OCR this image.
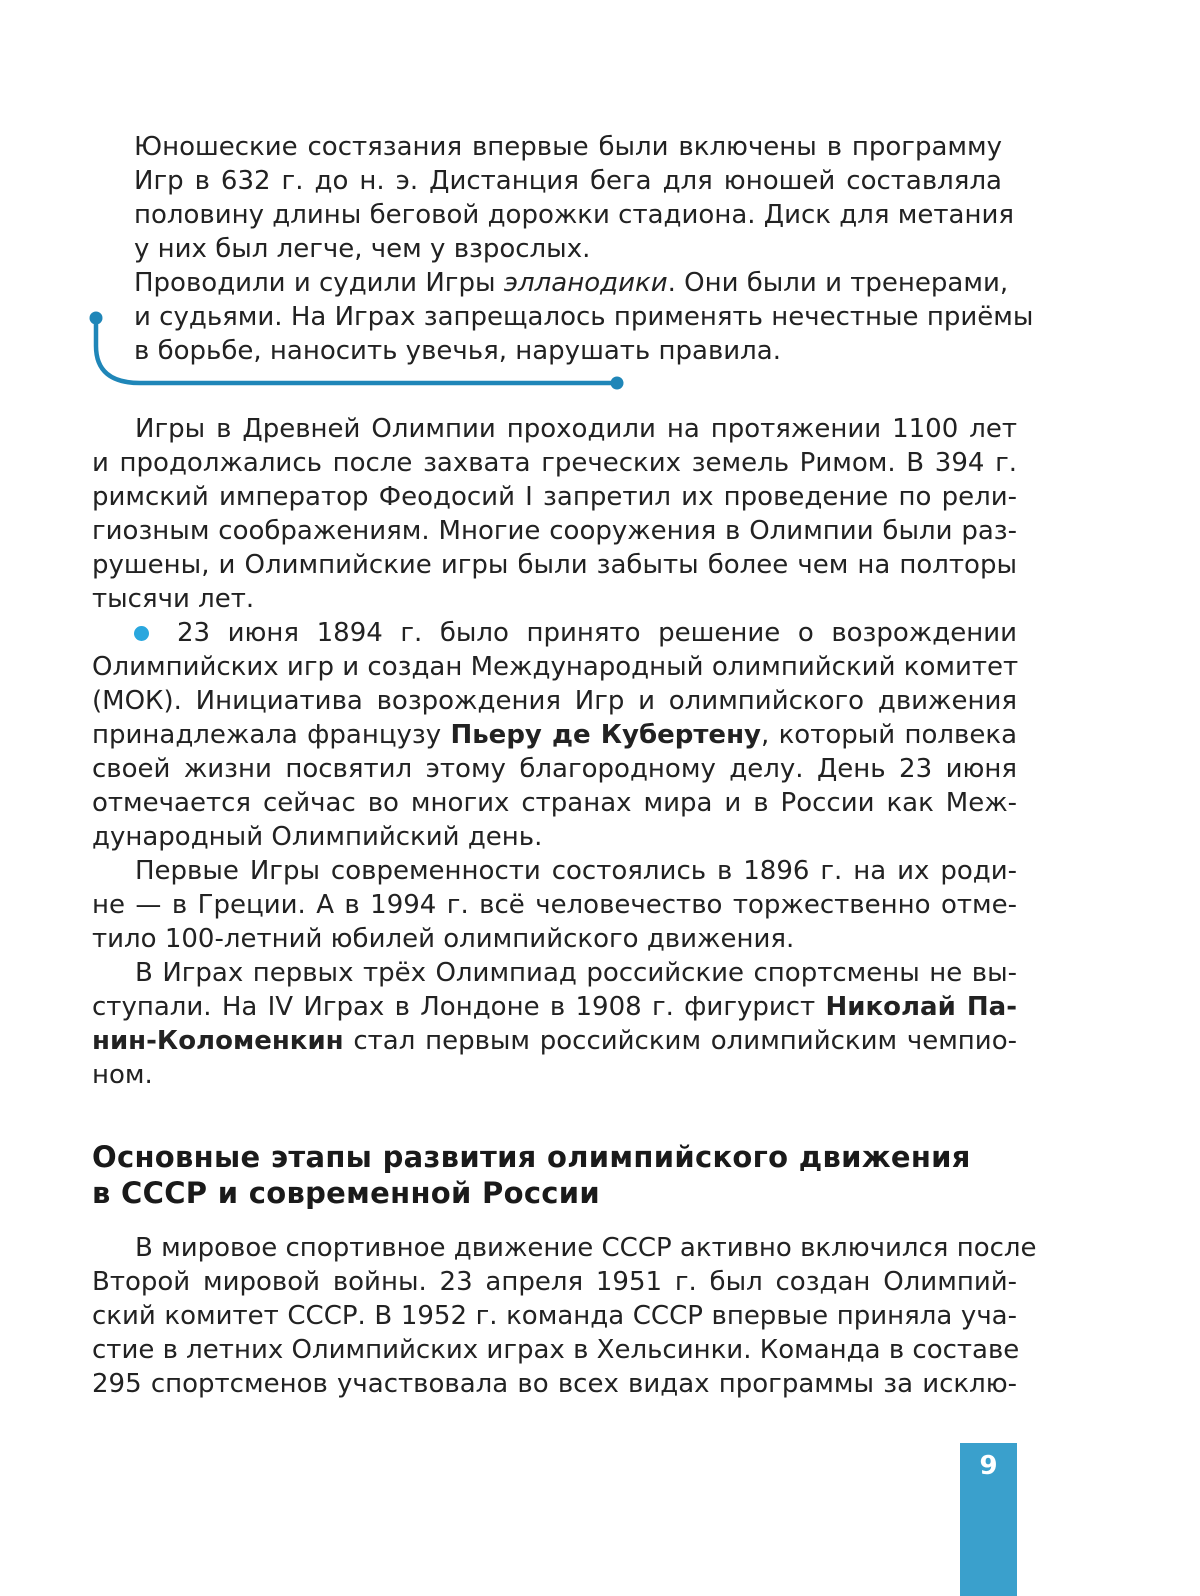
Юношеские состязания впервые были включены в программу
Игр в 632 г. до н. э. Дистанция бега для юношей составляла
половину длины беговой дорожки стадиона. Диск для метания
у них был легче, чем у взрослых.
Проводили и судили Игры элланодики. Они были и тренерами,
и судьями. На Играх запрещалось применять нечестные приёмы
в борьбе, наносить увечья, нарушать правила.
Игры в Древней Олимпии проходили на протяжении 1100 лет
и продолжались после захвата греческих земель Римом. В 394 г.
римский император Феодосий I запретил их проведение по рели-
гиозным соображениям. Многие сооружения в Олимпии были раз-
рушены, и Олимпийские игры были забыты более чем на полторы
тысячи лет.
23 июня 1894 г. было принято решение о возрождении
Олимпийских игр и создан Международный олимпийский комитет
(МОК). Инициатива возрождения Игр и олимпийского движения
принадлежала французу Пьеру де Кубертену, который полвека
своей жизни посвятил этому благородному делу. День 23 июня
отмечается сейчас во многих странах мира и в России как Меж-
дународный Олимпийский день.
Первые Игры современности состоялись в 1896 г. на их роди-
не — в Греции. А в 1994 г. всё человечество торжественно отме-
тило 100-летний юбилей олимпийского движения.
В Играх первых трёх Олимпиад российские спортсмены не вы-
ступали. На IV Играх в Лондоне в 1908 г. фигурист Николай Па-
нин-Коломенкин стал первым российским олимпийским чемпио-
ном.
Основные этапы развития олимпийского движения
в СССР и современной России
В мировое спортивное движение СССР активно включился после
Второй мировой войны. 23 апреля 1951 г. был создан Олимпий-
ский комитет СССР. В 1952 г. команда СССР впервые приняла уча-
стие в летних Олимпийских играх в Хельсинки. Команда в составе
295 спортсменов участвовала во всех видах программы за исклю-
9
